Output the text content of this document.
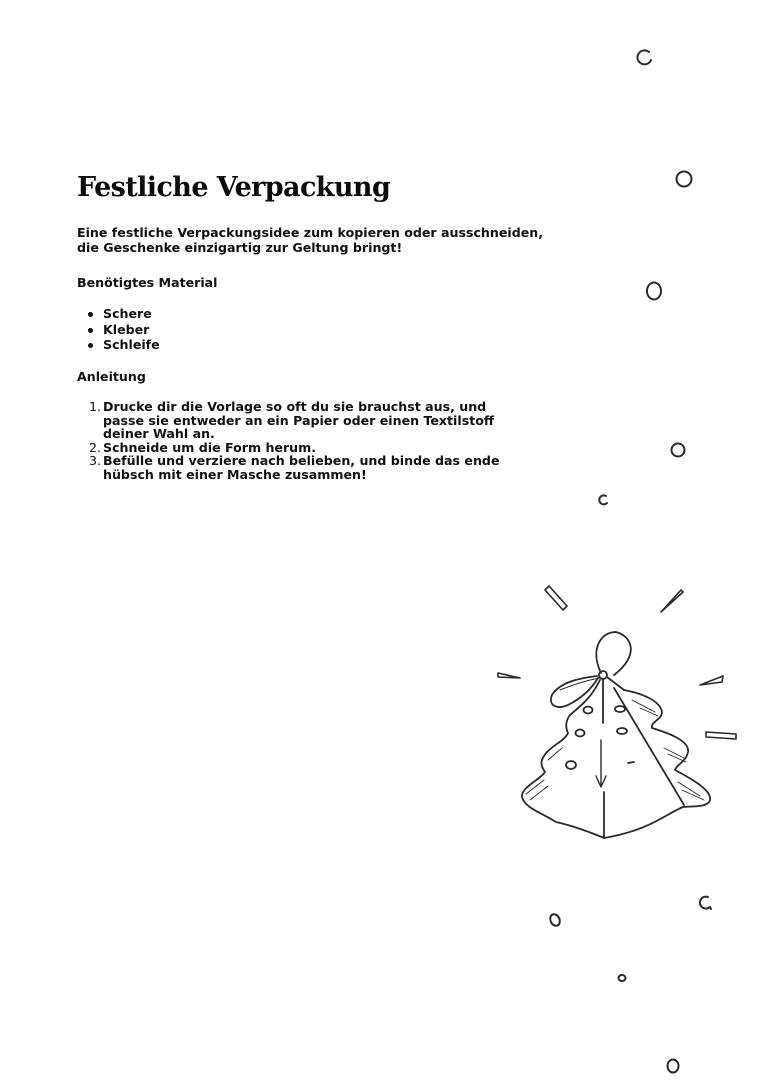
Festliche Verpackung

Eine festliche Verpackungsidee zum kopieren oder ausschneiden, die Geschenke einzigartig zur Geltung bringt!

Benötigtes Material
Schere
Kleber
Schleife
Anleitung
1. Drucke dir die Vorlage so oft du sie brauchst aus, und passe sie entweder an ein Papier oder einen Textilstoff deiner Wahl an.
2. Schneide um die Form herum.
3. Befülle und verziere nach belieben, und binde das ende hübsch mit einer Masche zusammen!
